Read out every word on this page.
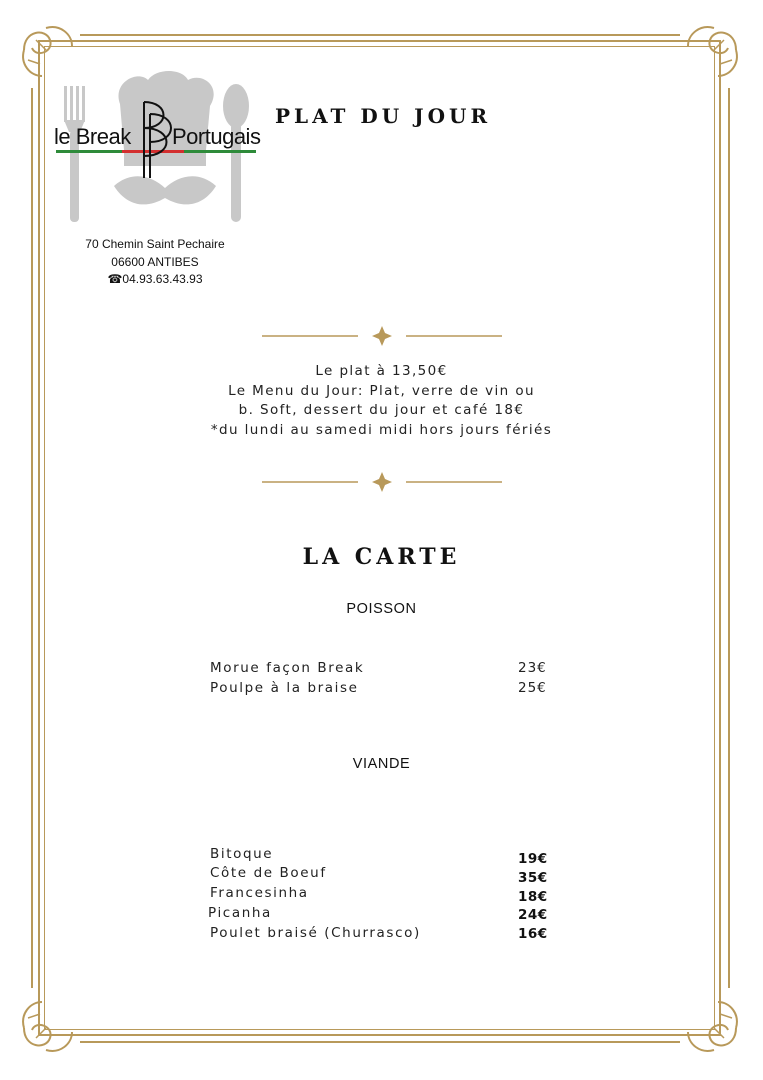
le Break Portugais
70 Chemin Saint Pechaire
06600 ANTIBES
☎04.93.63.43.93
PLAT DU JOUR
Le plat à 13,50€
Le Menu du Jour: Plat, verre de vin ou
b. Soft, dessert du jour et café 18€
*du lundi au samedi midi hors jours fériés
LA CARTE
POISSON
Morue façon Break	23€
Poulpe à la braise	25€
VIANDE
Bitoque	19€
Côte de Boeuf	35€
Francesinha	18€
Picanha	24€
Poulet braisé (Churrasco)	16€
